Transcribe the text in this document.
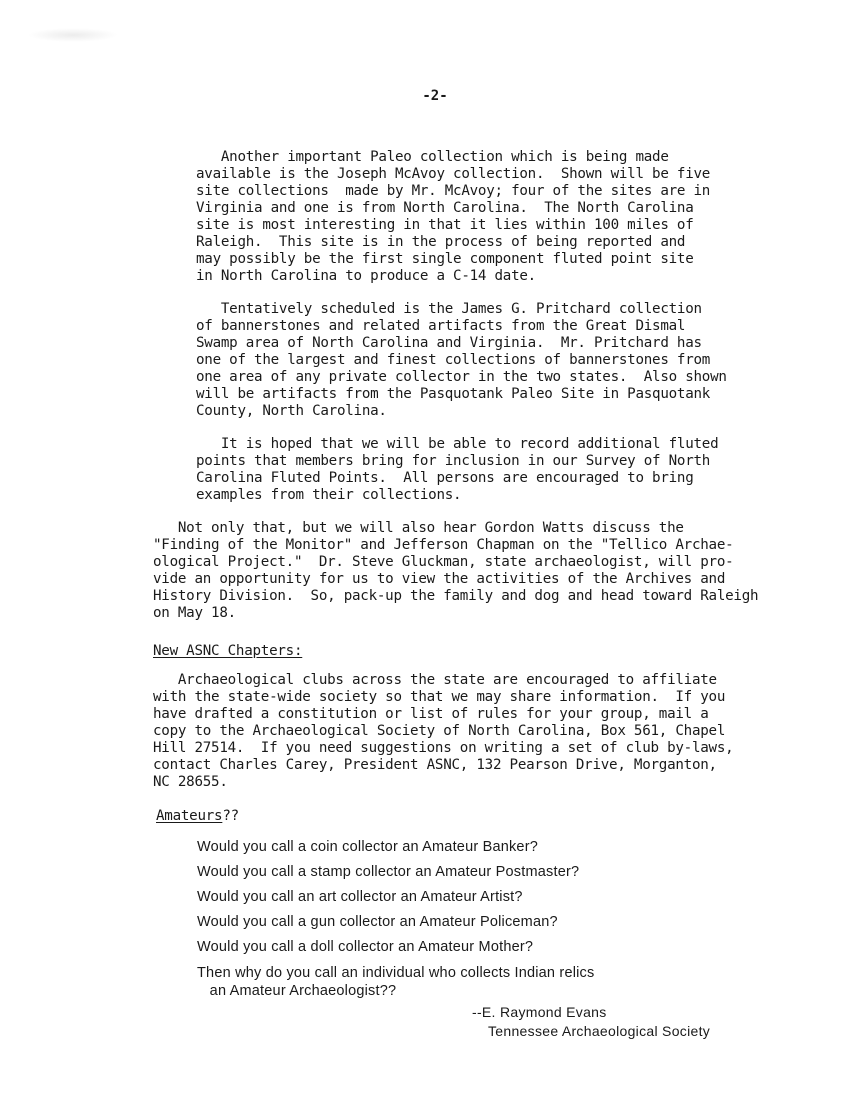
-2-
Another important Paleo collection which is being made
available is the Joseph McAvoy collection.  Shown will be five
site collections  made by Mr. McAvoy; four of the sites are in
Virginia and one is from North Carolina.  The North Carolina
site is most interesting in that it lies within 100 miles of
Raleigh.  This site is in the process of being reported and
may possibly be the first single component fluted point site
in North Carolina to produce a C-14 date.
Tentatively scheduled is the James G. Pritchard collection
of bannerstones and related artifacts from the Great Dismal
Swamp area of North Carolina and Virginia.  Mr. Pritchard has
one of the largest and finest collections of bannerstones from
one area of any private collector in the two states.  Also shown
will be artifacts from the Pasquotank Paleo Site in Pasquotank
County, North Carolina.
It is hoped that we will be able to record additional fluted
points that members bring for inclusion in our Survey of North
Carolina Fluted Points.  All persons are encouraged to bring
examples from their collections.
Not only that, but we will also hear Gordon Watts discuss the
"Finding of the Monitor" and Jefferson Chapman on the "Tellico Archae-
ological Project."  Dr. Steve Gluckman, state archaeologist, will pro-
vide an opportunity for us to view the activities of the Archives and
History Division.  So, pack-up the family and dog and head toward Raleigh
on May 18.
New ASNC Chapters:
Archaeological clubs across the state are encouraged to affiliate
with the state-wide society so that we may share information.  If you
have drafted a constitution or list of rules for your group, mail a
copy to the Archaeological Society of North Carolina, Box 561, Chapel
Hill 27514.  If you need suggestions on writing a set of club by-laws,
contact Charles Carey, President ASNC, 132 Pearson Drive, Morganton,
NC 28655.
Amateurs??
Would you call a coin collector an Amateur Banker?
Would you call a stamp collector an Amateur Postmaster?
Would you call an art collector an Amateur Artist?
Would you call a gun collector an Amateur Policeman?
Would you call a doll collector an Amateur Mother?
Then why do you call an individual who collects Indian relics
an Amateur Archaeologist??
--E. Raymond Evans
Tennessee Archaeological Society
